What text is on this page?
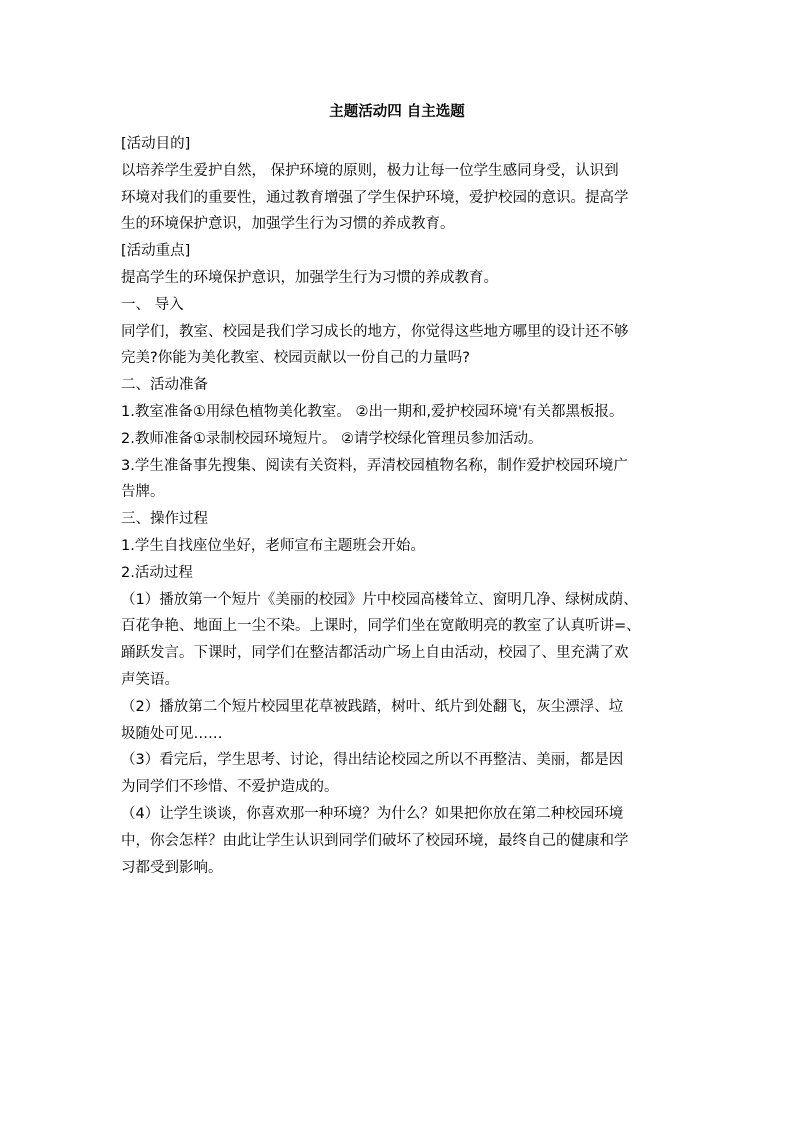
主题活动四 自主选题

[活动目的]

以培养学生爱护自然， 保护环境的原则，极力让每一位学生感同身受，认识到

环境对我们的重要性，通过教育增强了学生保护环境，爱护校园的意识。提高学

生的环境保护意识，加强学生行为习惯的养成教育。

[活动重点]

提高学生的环境保护意识，加强学生行为习惯的养成教育。

一、 导入

同学们，教室、校园是我们学习成长的地方，你觉得这些地方哪里的设计还不够

完美?你能为美化教室、校园贡献以一份自己的力量吗?

二、活动准备

1.教室准备①用绿色植物美化教室。 ②出一期和,爱护校园环境'有关都黑板报。

2.教师准备①录制校园环境短片。 ②请学校绿化管理员参加活动。

3.学生准备事先搜集、阅读有关资料，弄清校园植物名称，制作爱护校园环境广

告牌。

三、操作过程

1.学生自找座位坐好，老师宣布主题班会开始。

2.活动过程

（1）播放第一个短片《美丽的校园》片中校园高楼耸立、窗明几净、绿树成荫、

百花争艳、地面上一尘不染。上课时，同学们坐在宽敞明亮的教室了认真听讲=、

踊跃发言。下课时，同学们在整洁都活动广场上自由活动，校园了、里充满了欢

声笑语。

（2）播放第二个短片校园里花草被践踏，树叶、纸片到处翻飞，灰尘漂浮、垃

圾随处可见……

（3）看完后，学生思考、讨论，得出结论校园之所以不再整洁、美丽，都是因

为同学们不珍惜、不爱护造成的。

（4）让学生谈谈，你喜欢那一种环境？为什么？如果把你放在第二种校园环境

中，你会怎样？由此让学生认识到同学们破坏了校园环境，最终自己的健康和学

习都受到影响。
